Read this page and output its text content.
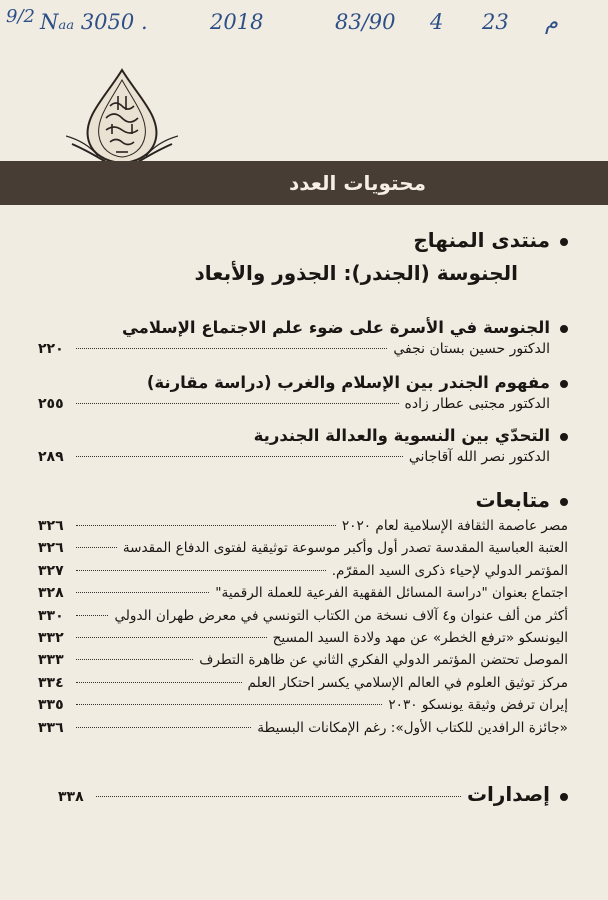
9/2 Nₐₐ 3050 .	2018	83/90 4 23 م
محتويات العدد
منتدى المنهاج
الجنوسة (الجندر): الجذور والأبعاد
الجنوسة في الأسرة على ضوء علم الاجتماع الإسلامي
الدكتور حسين بستان نجفي
٢٢٠
مفهوم الجندر بين الإسلام والغرب (دراسة مقارنة)
الدكتور مجتبى عطار زاده
٢٥٥
التحدّي بين النسوية والعدالة الجندرية
الدكتور نصر الله آقاجاني
٢٨٩
متابعات
مصر عاصمة الثقافة الإسلامية لعام ٢٠٢٠
٣٢٦
العتبة العباسية المقدسة تصدر أول وأكبر موسوعة توثيقية لفتوى الدفاع المقدسة
٣٢٦
المؤتمر الدولي لإحياء ذكرى السيد المقرّم.
٣٢٧
اجتماع بعنوان "دراسة المسائل الفقهية الفرعية للعملة الرقمية"
٣٢٨
أكثر من ألف عنوان و٤ آلاف نسخة من الكتاب التونسي في معرض طهران الدولي
٣٣٠
اليونسكو «ترفع الخطر» عن مهد ولادة السيد المسيح
٣٣٢
الموصل تحتضن المؤتمر الدولي الفكري الثاني عن ظاهرة التطرف
٣٣٣
مركز توثيق العلوم في العالم الإسلامي يكسر احتكار العلم
٣٣٤
إيران ترفض وثيقة يونسكو ٢٠٣٠
٣٣٥
«جائزة الرافدين للكتاب الأول»: رغم الإمكانات البسيطة
٣٣٦
إصدارات
٣٣٨
